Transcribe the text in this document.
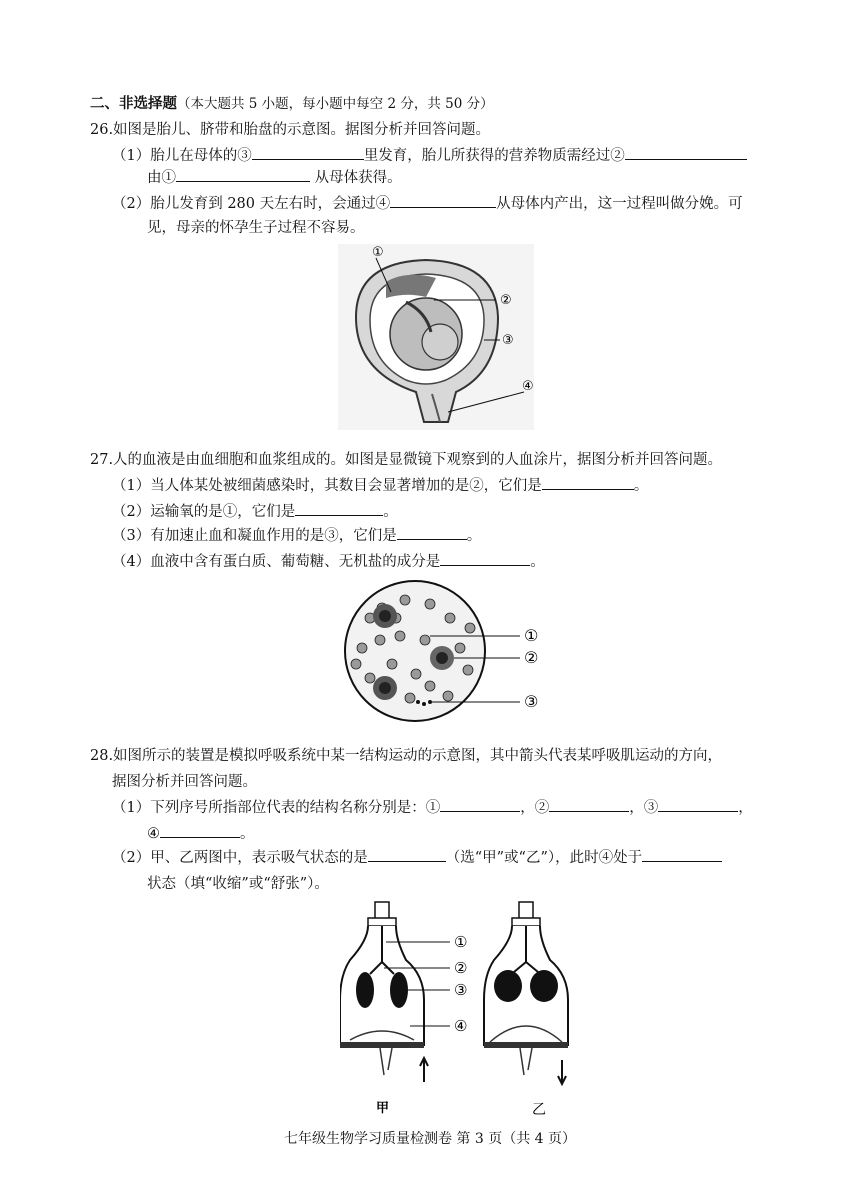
二、非选择题（本大题共 5 小题，每小题中每空 2 分，共 50 分）
26.如图是胎儿、脐带和胎盘的示意图。据图分析并回答问题。
（1）胎儿在母体的③	里发育，胎儿所获得的营养物质需经过②
由①	从母体获得。
（2）胎儿发育到 280 天左右时，会通过④	从母体内产出，这一过程叫做分娩。可
见，母亲的怀孕生子过程不容易。
①
②
③
④
27.人的血液是由血细胞和血浆组成的。如图是显微镜下观察到的人血涂片，据图分析并回答问题。
（1）当人体某处被细菌感染时，其数目会显著增加的是②，它们是	。
（2）运输氧的是①，它们是	。
（3）有加速止血和凝血作用的是③，它们是	。
（4）血液中含有蛋白质、葡萄糖、无机盐的成分是	。
①
②
③
28.如图所示的装置是模拟呼吸系统中某一结构运动的示意图，其中箭头代表某呼吸肌运动的方向，
据图分析并回答问题。
（1）下列序号所指部位代表的结构名称分别是：①	，②	，③	，
④	。
（2）甲、乙两图中，表示吸气状态的是	（选“甲”或“乙”），此时④处于
状态（填“收缩”或“舒张”）。
①
②
③
④
甲	乙
七年级生物学习质量检测卷 第 3 页（共 4 页）
